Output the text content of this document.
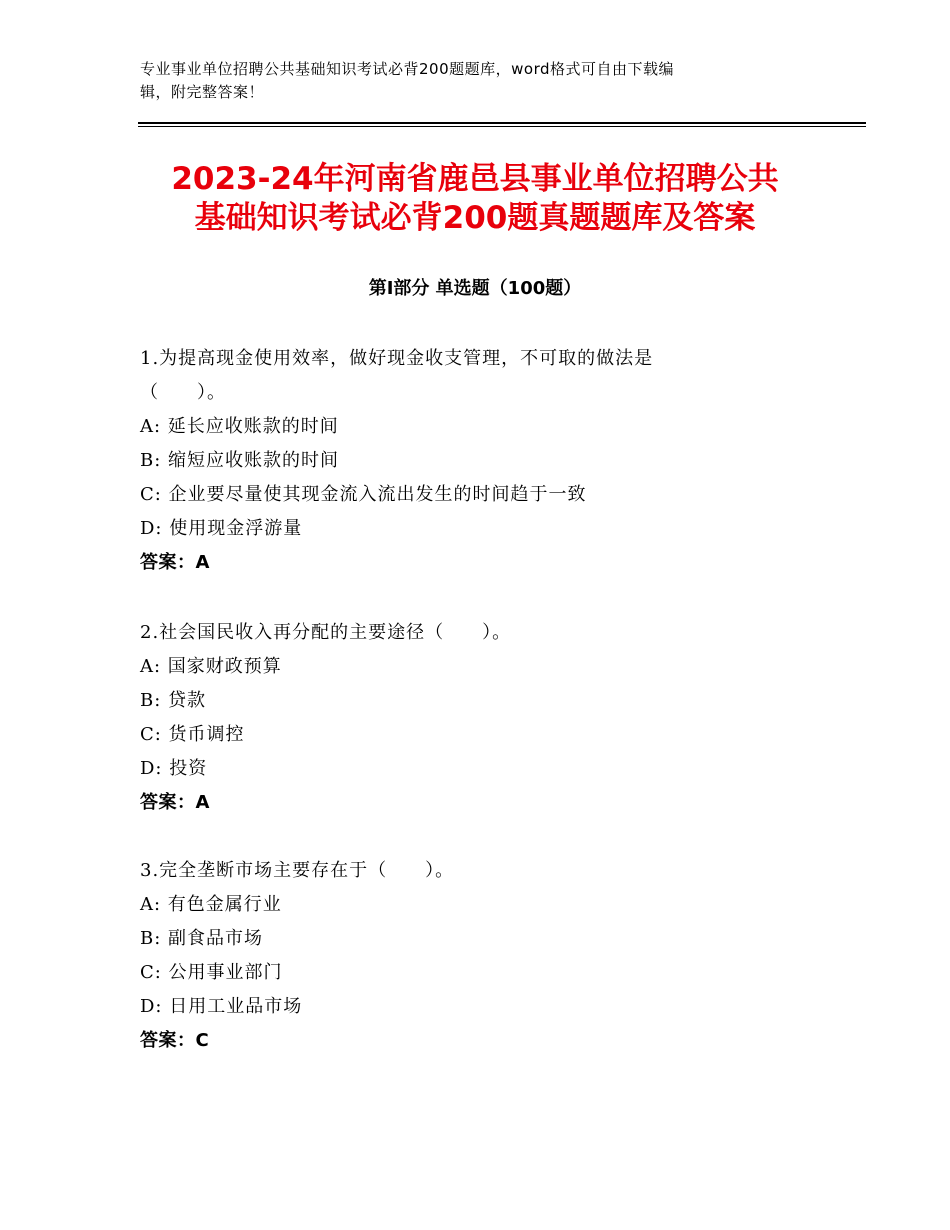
专业事业单位招聘公共基础知识考试必背200题题库，word格式可自由下载编
辑，附完整答案！
2023-24年河南省鹿邑县事业单位招聘公共
基础知识考试必背200题真题题库及答案
第Ⅰ部分 单选题（100题）
1.为提高现金使用效率，做好现金收支管理，不可取的做法是
（　　）。
A: 延长应收账款的时间
B: 缩短应收账款的时间
C: 企业要尽量使其现金流入流出发生的时间趋于一致
D: 使用现金浮游量
答案：A
2.社会国民收入再分配的主要途径（　　）。
A: 国家财政预算
B: 贷款
C: 货币调控
D: 投资
答案：A
3.完全垄断市场主要存在于（　　）。
A: 有色金属行业
B: 副食品市场
C: 公用事业部门
D: 日用工业品市场
答案：C
